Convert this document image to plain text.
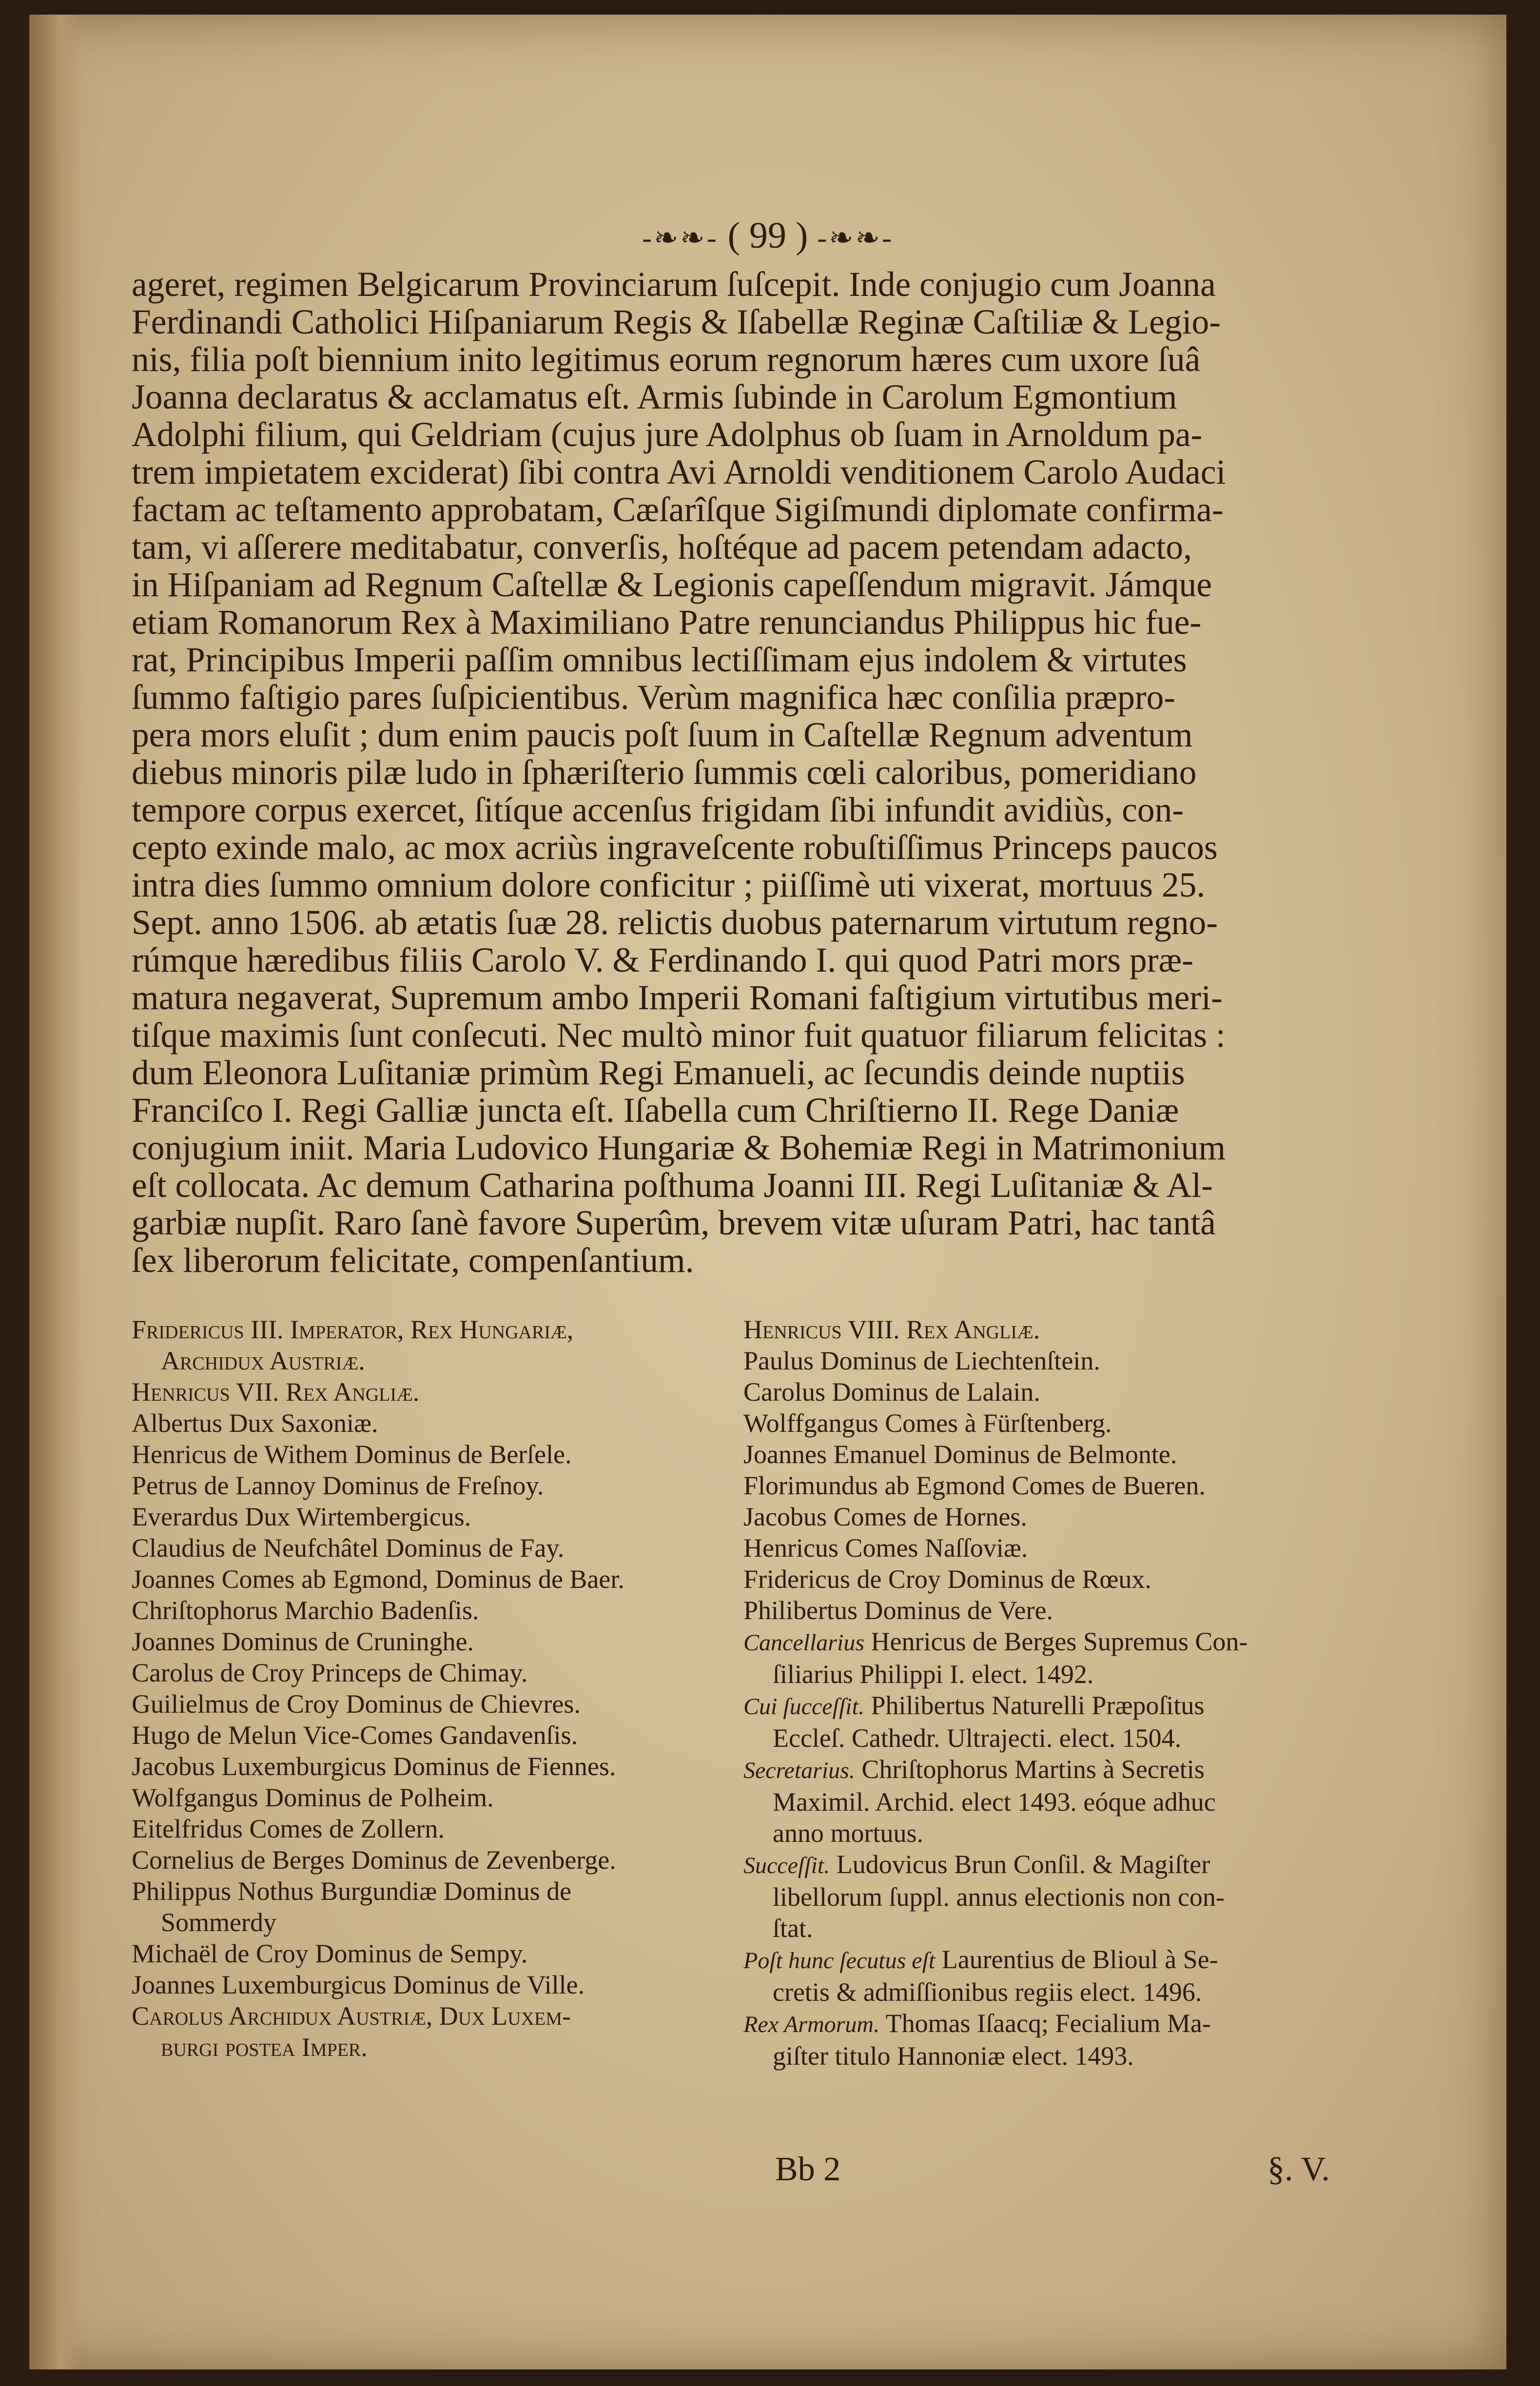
-❧❧- ( 99 ) -❧❧-
ageret, regimen Belgicarum Provinciarum ſuſcepit. Inde conjugio cum Joanna
Ferdinandi Catholici Hiſpaniarum Regis & Iſabellæ Reginæ Caſtiliæ & Legio-
nis, filia poſt biennium inito legitimus eorum regnorum hæres cum uxore ſuâ
Joanna declaratus & acclamatus eſt. Armis ſubinde in Carolum Egmontium
Adolphi filium, qui Geldriam (cujus jure Adolphus ob ſuam in Arnoldum pa-
trem impietatem exciderat) ſibi contra Avi Arnoldi venditionem Carolo Audaci
factam ac teſtamento approbatam, Cæſarîſque Sigiſmundi diplomate confirma-
tam, vi aſſerere meditabatur, converſis, hoſtéque ad pacem petendam adacto,
in Hiſpaniam ad Regnum Caſtellæ & Legionis capeſſendum migravit. Jámque
etiam Romanorum Rex à Maximiliano Patre renunciandus Philippus hic fue-
rat, Principibus Imperii paſſim omnibus lectiſſimam ejus indolem & virtutes
ſummo faſtigio pares ſuſpicientibus. Verùm magnifica hæc conſilia præpro-
pera mors eluſit ; dum enim paucis poſt ſuum in Caſtellæ Regnum adventum
diebus minoris pilæ ludo in ſphæriſterio ſummis cœli caloribus, pomeridiano
tempore corpus exercet, ſitíque accenſus frigidam ſibi infundit avidiùs, con-
cepto exinde malo, ac mox acriùs ingraveſcente robuſtiſſimus Princeps paucos
intra dies ſummo omnium dolore conficitur ; piiſſimè uti vixerat, mortuus 25.
Sept. anno 1506. ab ætatis ſuæ 28. relictis duobus paternarum virtutum regno-
rúmque hæredibus filiis Carolo V. & Ferdinando I. qui quod Patri mors præ-
matura negaverat, Supremum ambo Imperii Romani faſtigium virtutibus meri-
tiſque maximis ſunt conſecuti. Nec multò minor fuit quatuor filiarum felicitas :
dum Eleonora Luſitaniæ primùm Regi Emanueli, ac ſecundis deinde nuptiis
Franciſco I. Regi Galliæ juncta eſt. Iſabella cum Chriſtierno II. Rege Daniæ
conjugium iniit. Maria Ludovico Hungariæ & Bohemiæ Regi in Matrimonium
eſt collocata. Ac demum Catharina poſthuma Joanni III. Regi Luſitaniæ & Al-
garbiæ nupſit. Raro ſanè favore Superûm, brevem vitæ uſuram Patri, hac tantâ
ſex liberorum felicitate, compenſantium.
Fridericus III. Imperator, Rex Hungariæ,
Archidux Austriæ.
Henricus VII. Rex Angliæ.
Albertus Dux Saxoniæ.
Henricus de Withem Dominus de Berſele.
Petrus de Lannoy Dominus de Freſnoy.
Everardus Dux Wirtembergicus.
Claudius de Neufchâtel Dominus de Fay.
Joannes Comes ab Egmond, Dominus de Baer.
Chriſtophorus Marchio Badenſis.
Joannes Dominus de Cruninghe.
Carolus de Croy Princeps de Chimay.
Guilielmus de Croy Dominus de Chievres.
Hugo de Melun Vice-Comes Gandavenſis.
Jacobus Luxemburgicus Dominus de Fiennes.
Wolfgangus Dominus de Polheim.
Eitelfridus Comes de Zollern.
Cornelius de Berges Dominus de Zevenberge.
Philippus Nothus Burgundiæ Dominus de
Sommerdy
Michaël de Croy Dominus de Sempy.
Joannes Luxemburgicus Dominus de Ville.
Carolus Archidux Austriæ, Dux Luxem-
burgi poſtea Imper.
Henricus VIII. Rex Angliæ.
Paulus Dominus de Liechtenſtein.
Carolus Dominus de Lalain.
Wolffgangus Comes à Fürſtenberg.
Joannes Emanuel Dominus de Belmonte.
Florimundus ab Egmond Comes de Bueren.
Jacobus Comes de Hornes.
Henricus Comes Naſſoviæ.
Fridericus de Croy Dominus de Rœux.
Philibertus Dominus de Vere.
Cancellarius Henricus de Berges Supremus Con-
ſiliarius Philippi I. elect. 1492.
Cui ſucceſſit. Philibertus Naturelli Præpoſitus
Eccleſ. Cathedr. Ultrajecti. elect. 1504.
Secretarius. Chriſtophorus Martins à Secretis
Maximil. Archid. elect 1493. eóque adhuc
anno mortuus.
Succeſſit. Ludovicus Brun Conſil. & Magiſter
libellorum ſuppl. annus electionis non con-
ſtat.
Poſt hunc ſecutus eſt Laurentius de Blioul à Se-
cretis & admiſſionibus regiis elect. 1496.
Rex Armorum. Thomas Iſaacq; Fecialium Ma-
giſter titulo Hannoniæ elect. 1493.
Bb 2	§. V.
